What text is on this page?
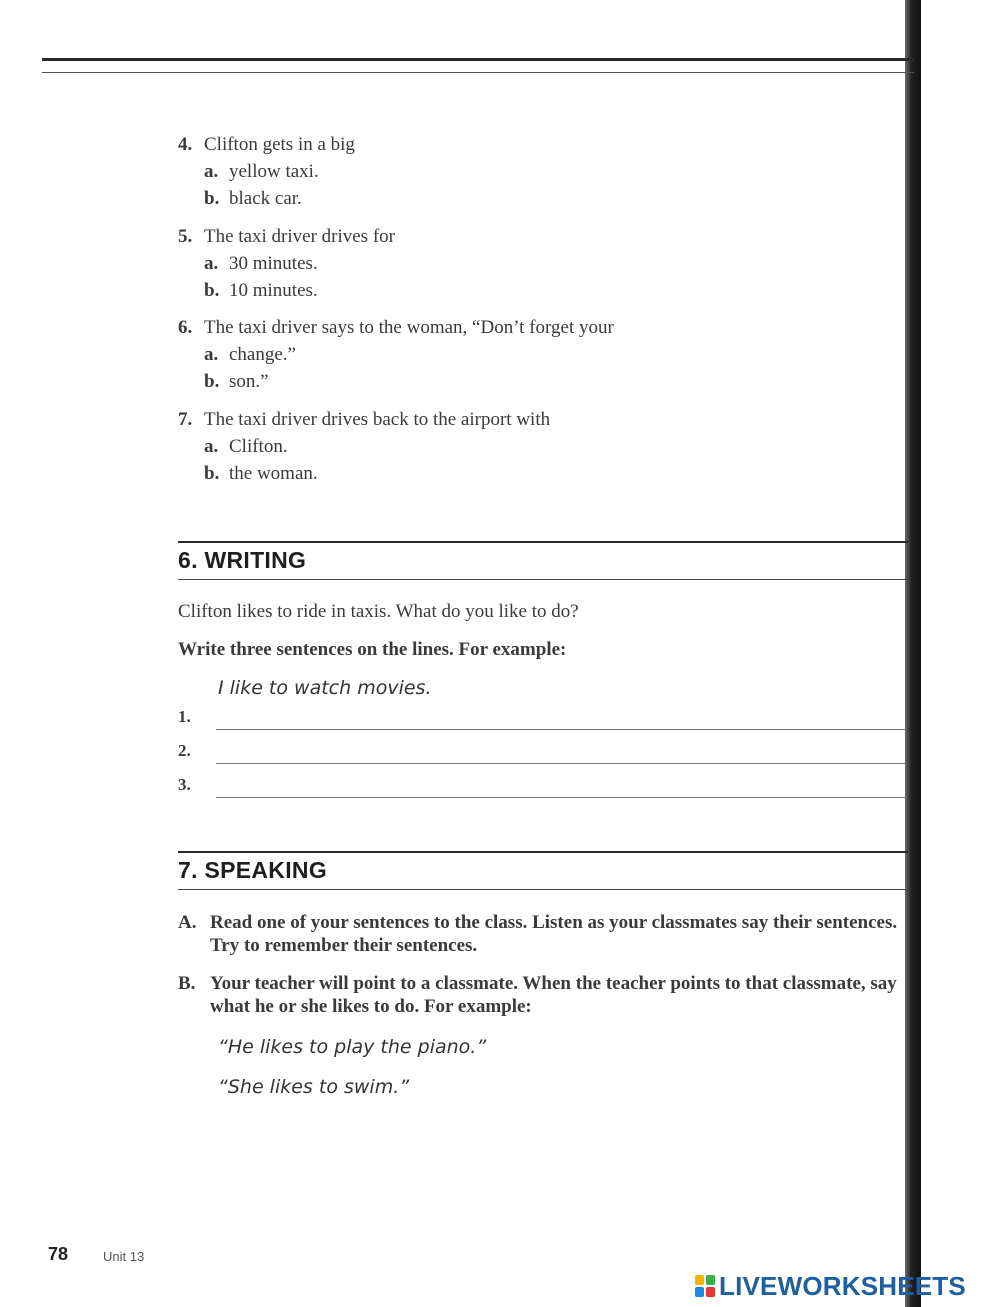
4. Clifton gets in a big
a. yellow taxi.
b. black car.
5. The taxi driver drives for
a. 30 minutes.
b. 10 minutes.
6. The taxi driver says to the woman, “Don’t forget your
a. change.”
b. son.”
7. The taxi driver drives back to the airport with
a. Clifton.
b. the woman.
6. WRITING
Clifton likes to ride in taxis. What do you like to do?
Write three sentences on the lines. For example:
I like to watch movies.
1.
2.
3.
7. SPEAKING
A. Read one of your sentences to the class. Listen as your classmates say their sentences. Try to remember their sentences.
B. Your teacher will point to a classmate. When the teacher points to that classmate, say what he or she likes to do. For example:
“He likes to play the piano.”
“She likes to swim.”
78	Unit 13
LIVEWORKSHEETS
